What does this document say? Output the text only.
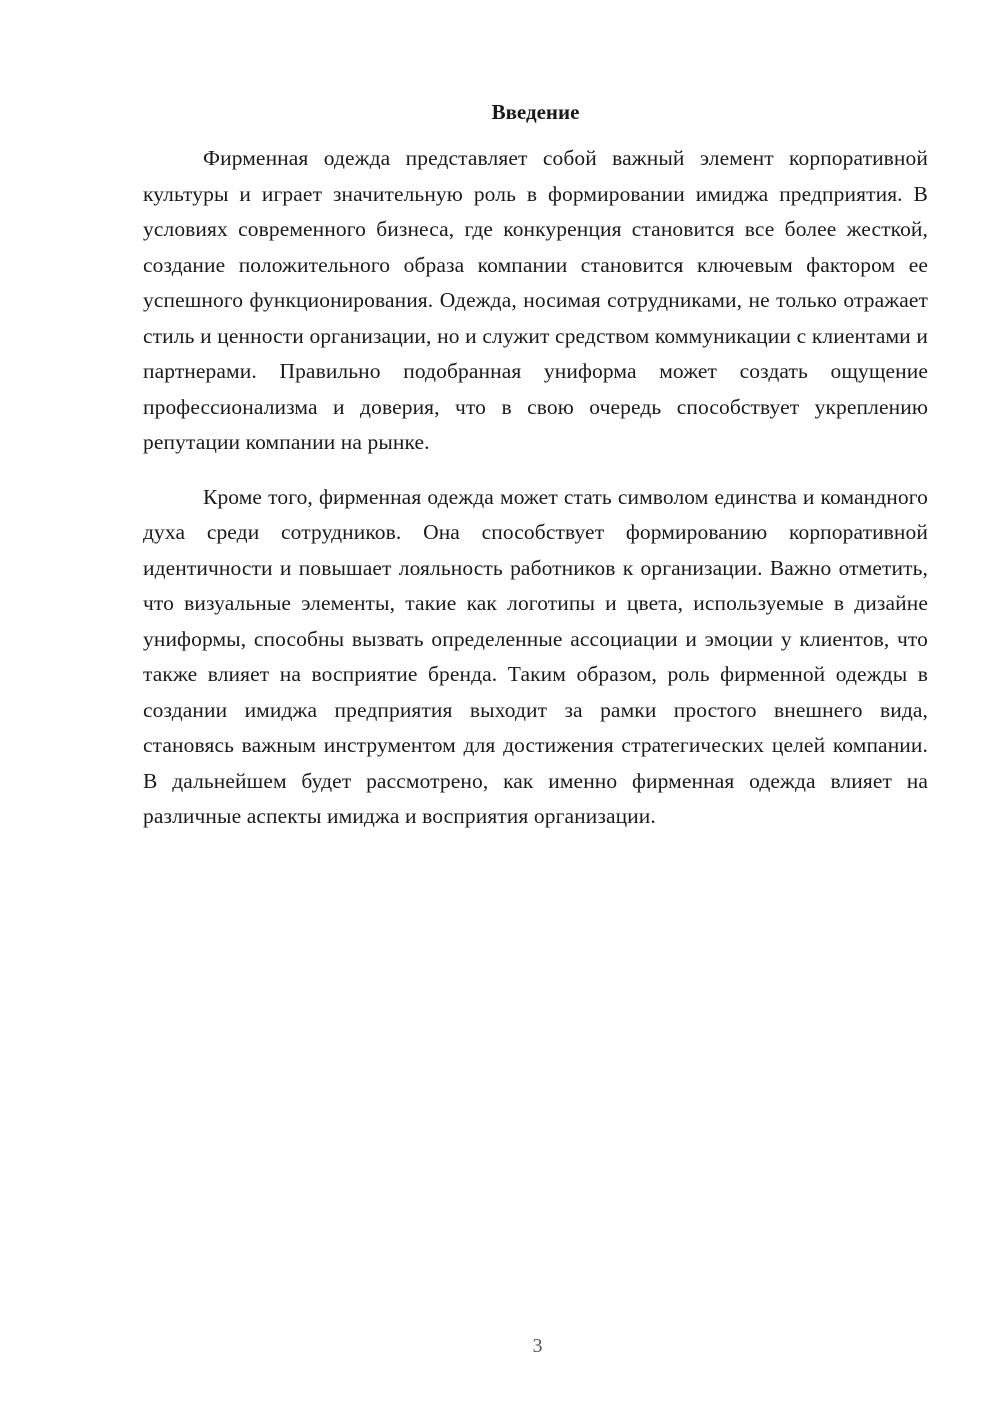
Введение

Фирменная одежда представляет собой важный элемент корпоративной культуры и играет значительную роль в формировании имиджа предприятия. В условиях современного бизнеса, где конкуренция становится все более жесткой, создание положительного образа компании становится ключевым фактором ее успешного функционирования. Одежда, носимая сотрудниками, не только отражает стиль и ценности организации, но и служит средством коммуникации с клиентами и партнерами. Правильно подобранная униформа может создать ощущение профессионализма и доверия, что в свою очередь способствует укреплению репутации компании на рынке.

Кроме того, фирменная одежда может стать символом единства и командного духа среди сотрудников. Она способствует формированию корпоративной идентичности и повышает лояльность работников к организации. Важно отметить, что визуальные элементы, такие как логотипы и цвета, используемые в дизайне униформы, способны вызвать определенные ассоциации и эмоции у клиентов, что также влияет на восприятие бренда. Таким образом, роль фирменной одежды в создании имиджа предприятия выходит за рамки простого внешнего вида, становясь важным инструментом для достижения стратегических целей компании. В дальнейшем будет рассмотрено, как именно фирменная одежда влияет на различные аспекты имиджа и восприятия организации.

3
